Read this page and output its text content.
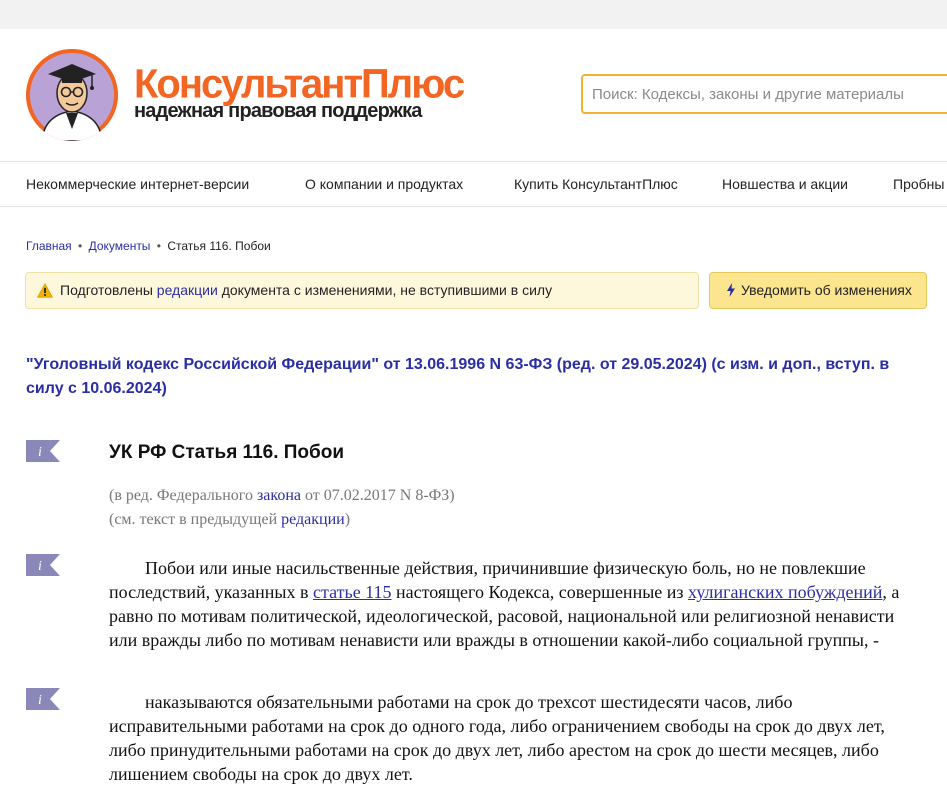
КонсультантПлюс
надежная правовая поддержка
Поиск: Кодексы, законы и другие материалы
Некоммерческие интернет-версии	О компании и продуктах	Купить КонсультантПлюс	Новшества и акции	Пробны
Главная • Документы • Статья 116. Побои
Подготовлены редакции документа с изменениями, не вступившими в силу	Уведомить об изменениях
"Уголовный кодекс Российской Федерации" от 13.06.1996 N 63-ФЗ (ред. от 29.05.2024) (с изм. и доп., вступ. в силу с 10.06.2024)
i	УК РФ Статья 116. Побои
(в ред. Федерального закона от 07.02.2017 N 8-ФЗ)
(см. текст в предыдущей редакции)
i	Побои или иные насильственные действия, причинившие физическую боль, но не повлекшие последствий, указанных в статье 115 настоящего Кодекса, совершенные из хулиганских побуждений, а равно по мотивам политической, идеологической, расовой, национальной или религиозной ненависти или вражды либо по мотивам ненависти или вражды в отношении какой-либо социальной группы, -
i	наказываются обязательными работами на срок до трехсот шестидесяти часов, либо исправительными работами на срок до одного года, либо ограничением свободы на срок до двух лет, либо принудительными работами на срок до двух лет, либо арестом на срок до шести месяцев, либо лишением свободы на срок до двух лет.
